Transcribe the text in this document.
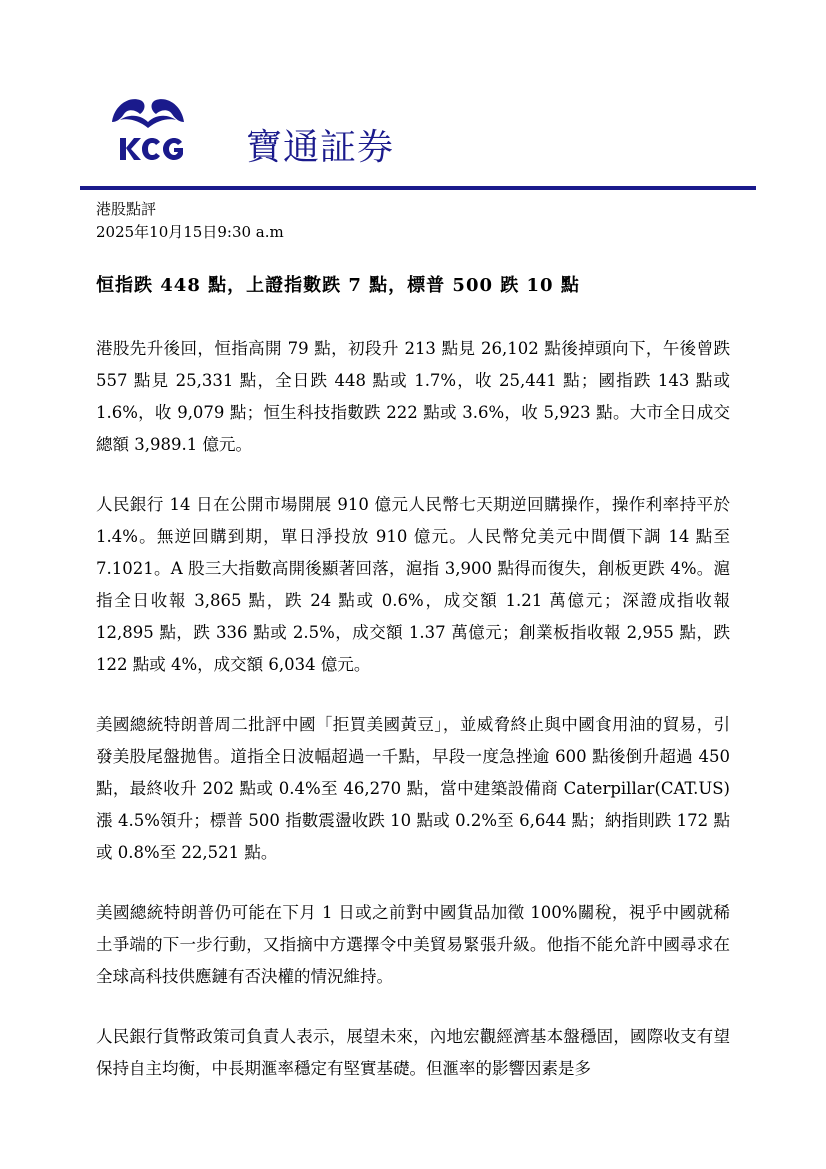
寶通証券
港股點評
2025年10月15日9:30 a.m
恒指跌 448 點，上證指數跌 7 點，標普 500 跌 10 點

港股先升後回，恒指高開 79 點，初段升 213 點見 26,102 點後掉頭向下，午後曾跌 557 點見 25,331 點，全日跌 448 點或 1.7%，收 25,441 點；國指跌 143 點或 1.6%，收 9,079 點；恒生科技指數跌 222 點或 3.6%，收 5,923 點。大市全日成交總額 3,989.1 億元。

人民銀行 14 日在公開市場開展 910 億元人民幣七天期逆回購操作，操作利率持平於 1.4%。無逆回購到期，單日淨投放 910 億元。人民幣兌美元中間價下調 14 點至 7.1021。A 股三大指數高開後顯著回落，滬指 3,900 點得而復失，創板更跌 4%。滬指全日收報 3,865 點，跌 24 點或 0.6%，成交額 1.21 萬億元；深證成指收報 12,895 點，跌 336 點或 2.5%，成交額 1.37 萬億元；創業板指收報 2,955 點，跌 122 點或 4%，成交額 6,034 億元。

美國總統特朗普周二批評中國「拒買美國黃豆」，並威脅終止與中國食用油的貿易，引發美股尾盤拋售。道指全日波幅超過一千點，早段一度急挫逾 600 點後倒升超過 450 點，最終收升 202 點或 0.4%至 46,270 點，當中建築設備商 Caterpillar(CAT.US) 漲 4.5%領升；標普 500 指數震盪收跌 10 點或 0.2%至 6,644 點；納指則跌 172 點或 0.8%至 22,521 點。

美國總統特朗普仍可能在下月 1 日或之前對中國貨品加徵 100%關稅，視乎中國就稀土爭端的下一步行動，又指摘中方選擇令中美貿易緊張升級。他指不能允許中國尋求在全球高科技供應鏈有否決權的情況維持。

人民銀行貨幣政策司負責人表示，展望未來，內地宏觀經濟基本盤穩固，國際收支有望保持自主均衡，中長期滙率穩定有堅實基礎。但滙率的影響因素是多
